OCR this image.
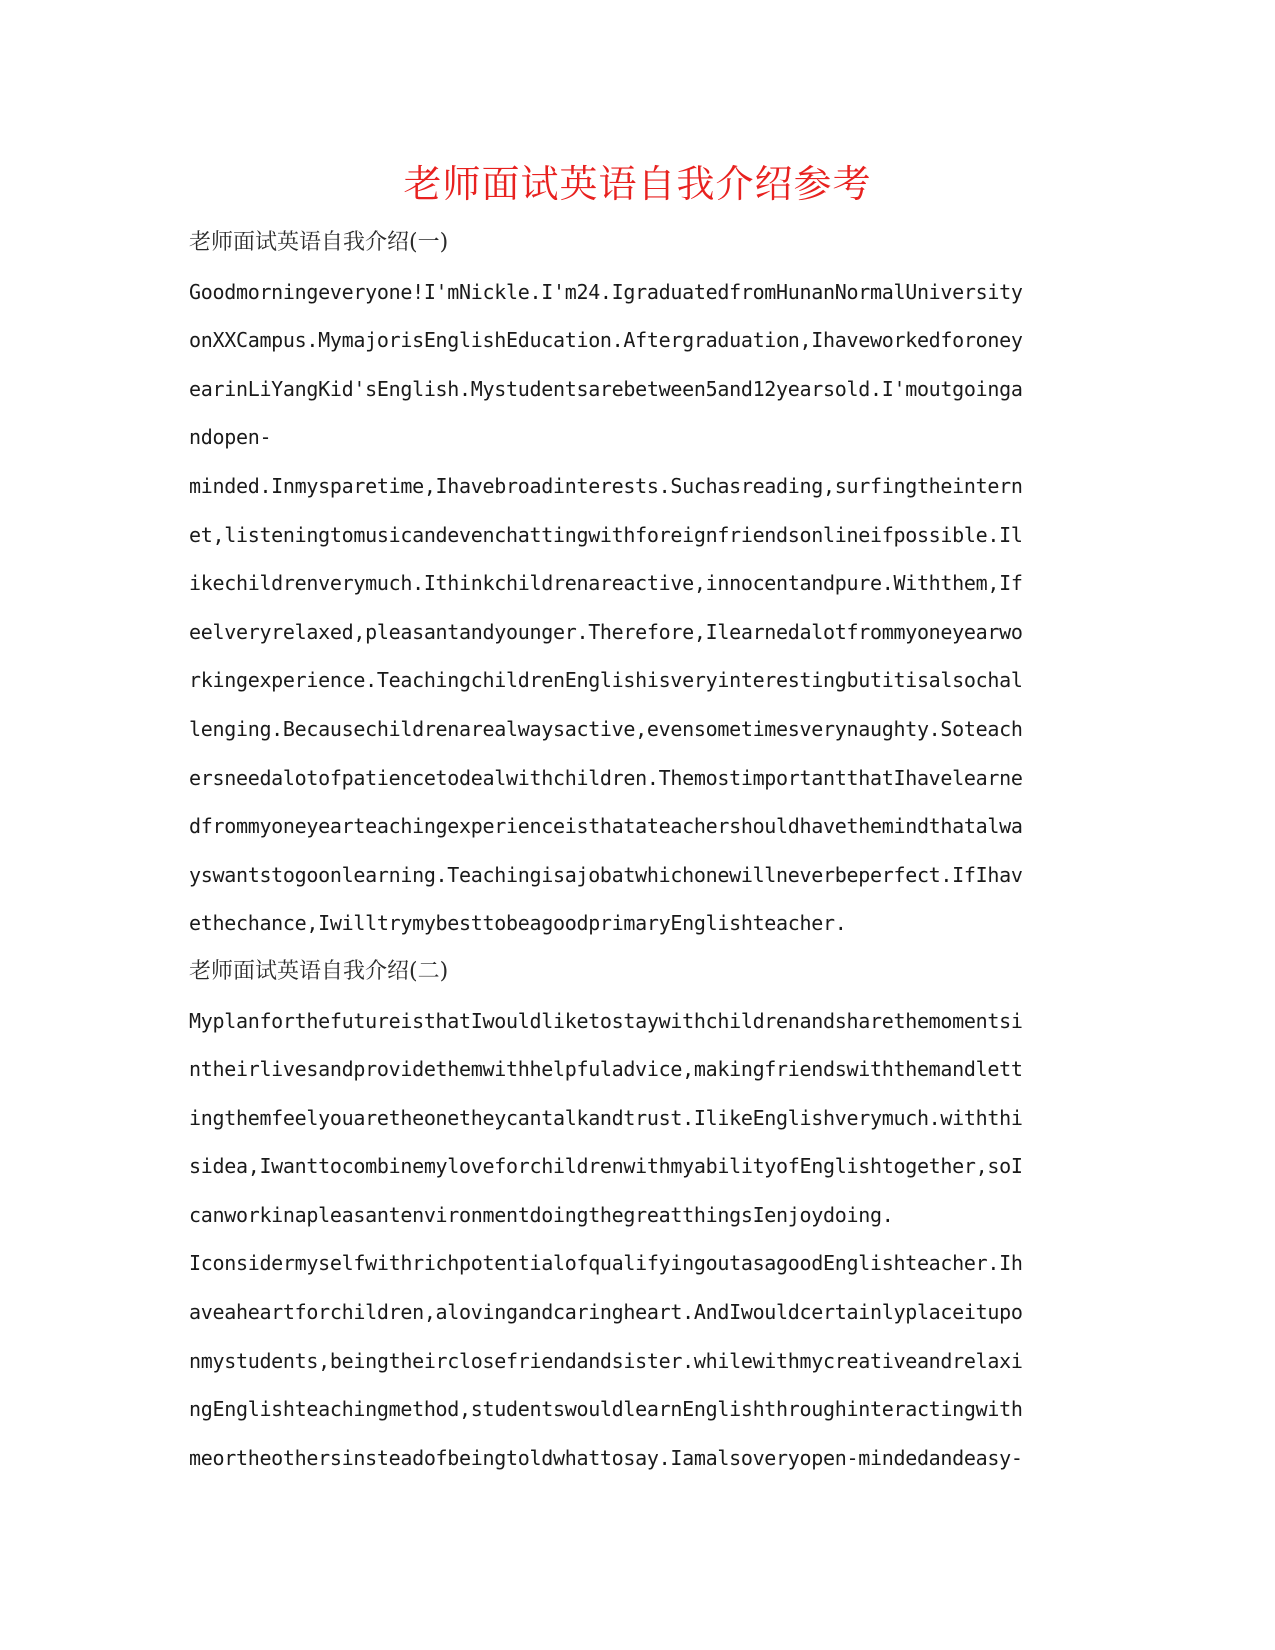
老师面试英语自我介绍参考
老师面试英语自我介绍(一)
Goodmorningeveryone!I'mNickle.I'm24.IgraduatedfromHunanNormalUniversity
onXXCampus.MymajorisEnglishEducation.Aftergraduation,Ihaveworkedforoney
earinLiYangKid'sEnglish.Mystudentsarebetween5and12yearsold.I'moutgoinga
ndopen-
minded.Inmysparetime,Ihavebroadinterests.Suchasreading,surfingtheintern
et,listeningtomusicandevenchattingwithforeignfriendsonlineifpossible.Il
ikechildrenverymuch.Ithinkchildrenareactive,innocentandpure.Withthem,If
eelveryrelaxed,pleasantandyounger.Therefore,Ilearnedalotfrommyoneyearwo
rkingexperience.TeachingchildrenEnglishisveryinterestingbutitisalsochal
lenging.Becausechildrenarealwaysactive,evensometimesverynaughty.Soteach
ersneedalotofpatiencetodealwithchildren.ThemostimportantthatIhavelearne
dfrommyoneyearteachingexperienceisthatateachershouldhavethemindthatalwa
yswantstogoonlearning.Teachingisajobatwhichonewillneverbeperfect.IfIhav
ethechance,IwilltrymybesttobeagoodprimaryEnglishteacher.
老师面试英语自我介绍(二)
MyplanforthefutureisthatIwouldliketostaywithchildrenandsharethemomentsi
ntheirlivesandprovidethemwithhelpfuladvice,makingfriendswiththemandlett
ingthemfeelyouaretheonetheycantalkandtrust.IlikeEnglishverymuch.withthi
sidea,IwanttocombinemyloveforchildrenwithmyabilityofEnglishtogether,soI
canworkinapleasantenvironmentdoingthegreatthingsIenjoydoing.
IconsidermyselfwithrichpotentialofqualifyingoutasagoodEnglishteacher.Ih
aveaheartforchildren,alovingandcaringheart.AndIwouldcertainlyplaceitupo
nmystudents,beingtheirclosefriendandsister.whilewithmycreativeandrelaxi
ngEnglishteachingmethod,studentswouldlearnEnglishthroughinteractingwith
meortheothersinsteadofbeingtoldwhattosay.Iamalsoveryopen-mindedandeasy-
